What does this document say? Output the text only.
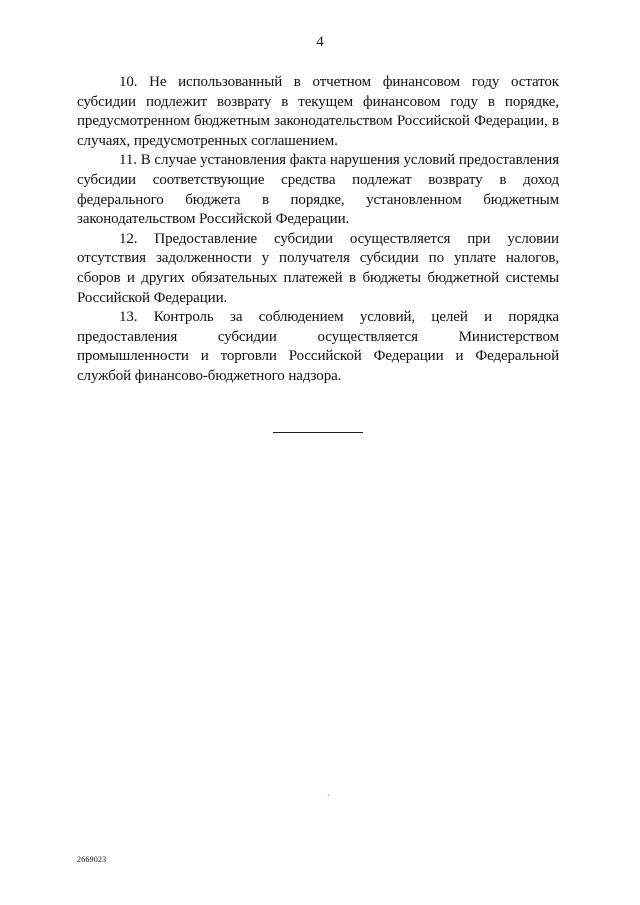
4

10. Не использованный в отчетном финансовом году остаток субсидии подлежит возврату в текущем финансовом году в порядке, предусмотренном бюджетным законодательством Российской Федерации, в случаях, предусмотренных соглашением.

11. В случае установления факта нарушения условий предоставления субсидии соответствующие средства подлежат возврату в доход федерального бюджета в порядке, установленном бюджетным законодательством Российской Федерации.

12. Предоставление субсидии осуществляется при условии отсутствия задолженности у получателя субсидии по уплате налогов, сборов и других обязательных платежей в бюджеты бюджетной системы Российской Федерации.

13. Контроль за соблюдением условий, целей и порядка предоставления субсидии осуществляется Министерством промышленности и торговли Российской Федерации и Федеральной службой финансово-бюджетного надзора.

`
2669023
